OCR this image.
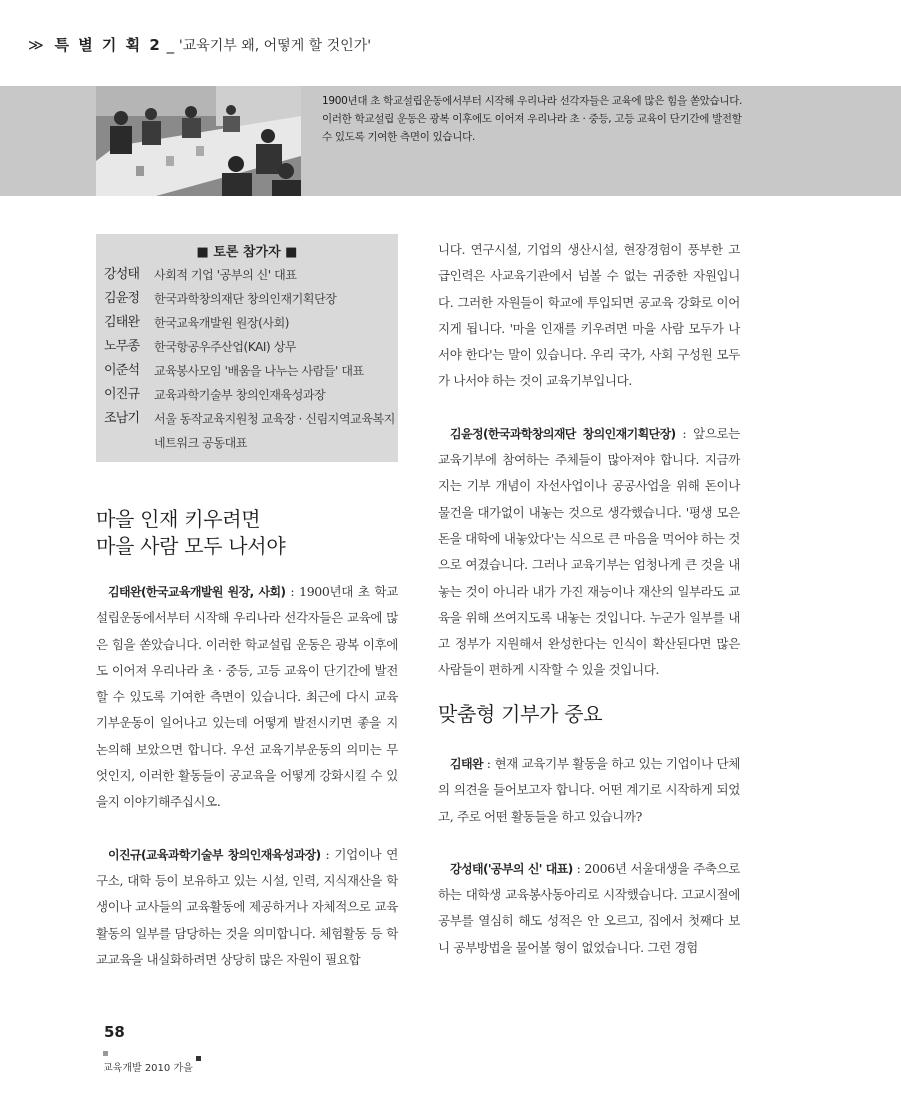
≫ 특 별 기 획 2 _ '교육기부 왜, 어떻게 할 것인가'
1900년대 초 학교설립운동에서부터 시작해 우리나라 선각자들은 교육에 많은 힘을 쏟았습니다. 이러한 학교설립 운동은 광복 이후에도 이어져 우리나라 초 · 중등, 고등 교육이 단기간에 발전할 수 있도록 기여한 측면이 있습니다.
■ 토론 참가자 ■
강성태	사회적 기업 '공부의 신' 대표
김윤정	한국과학창의재단 창의인재기획단장
김태완	한국교육개발원 원장(사회)
노무종	한국항공우주산업(KAI) 상무
이준석	교육봉사모임 '배움을 나누는 사람들' 대표
이진규	교육과학기술부 창의인재육성과장
조남기	서울 동작교육지원청 교육장 · 신림지역교육복지
네트워크 공동대표
마을 인재 키우려면
마을 사람 모두 나서야

김태완(한국교육개발원 원장, 사회) : 1900년대 초 학교설립운동에서부터 시작해 우리나라 선각자들은 교육에 많은 힘을 쏟았습니다. 이러한 학교설립 운동은 광복 이후에도 이어져 우리나라 초 · 중등, 고등 교육이 단기간에 발전할 수 있도록 기여한 측면이 있습니다. 최근에 다시 교육기부운동이 일어나고 있는데 어떻게 발전시키면 좋을 지 논의해 보았으면 합니다. 우선 교육기부운동의 의미는 무엇인지, 이러한 활동들이 공교육을 어떻게 강화시킬 수 있을지 이야기해주십시오.

이진규(교육과학기술부 창의인재육성과장) : 기업이나 연구소, 대학 등이 보유하고 있는 시설, 인력, 지식재산을 학생이나 교사들의 교육활동에 제공하거나 자체적으로 교육활동의 일부를 담당하는 것을 의미합니다. 체험활동 등 학교교육을 내실화하려면 상당히 많은 자원이 필요합

니다. 연구시설, 기업의 생산시설, 현장경험이 풍부한 고급인력은 사교육기관에서 넘볼 수 없는 귀중한 자원입니다. 그러한 자원들이 학교에 투입되면 공교육 강화로 이어지게 됩니다. '마을 인재를 키우려면 마을 사람 모두가 나서야 한다'는 말이 있습니다. 우리 국가, 사회 구성원 모두가 나서야 하는 것이 교육기부입니다.

김윤정(한국과학창의재단 창의인재기획단장) : 앞으로는 교육기부에 참여하는 주체들이 많아져야 합니다. 지금까지는 기부 개념이 자선사업이나 공공사업을 위해 돈이나 물건을 대가없이 내놓는 것으로 생각했습니다. '평생 모은 돈을 대학에 내놓았다'는 식으로 큰 마음을 먹어야 하는 것으로 여겼습니다. 그러나 교육기부는 엄청나게 큰 것을 내놓는 것이 아니라 내가 가진 재능이나 재산의 일부라도 교육을 위해 쓰여지도록 내놓는 것입니다. 누군가 일부를 내고 정부가 지원해서 완성한다는 인식이 확산된다면 많은 사람들이 편하게 시작할 수 있을 것입니다.

맞춤형 기부가 중요

김태완 : 현재 교육기부 활동을 하고 있는 기업이나 단체의 의견을 들어보고자 합니다. 어떤 계기로 시작하게 되었고, 주로 어떤 활동들을 하고 있습니까?

강성태('공부의 신' 대표) : 2006년 서울대생을 주축으로 하는 대학생 교육봉사동아리로 시작했습니다. 고교시절에 공부를 열심히 해도 성적은 안 오르고, 집에서 첫째다 보니 공부방법을 물어볼 형이 없었습니다. 그런 경험

58

교육개발 2010 가을
